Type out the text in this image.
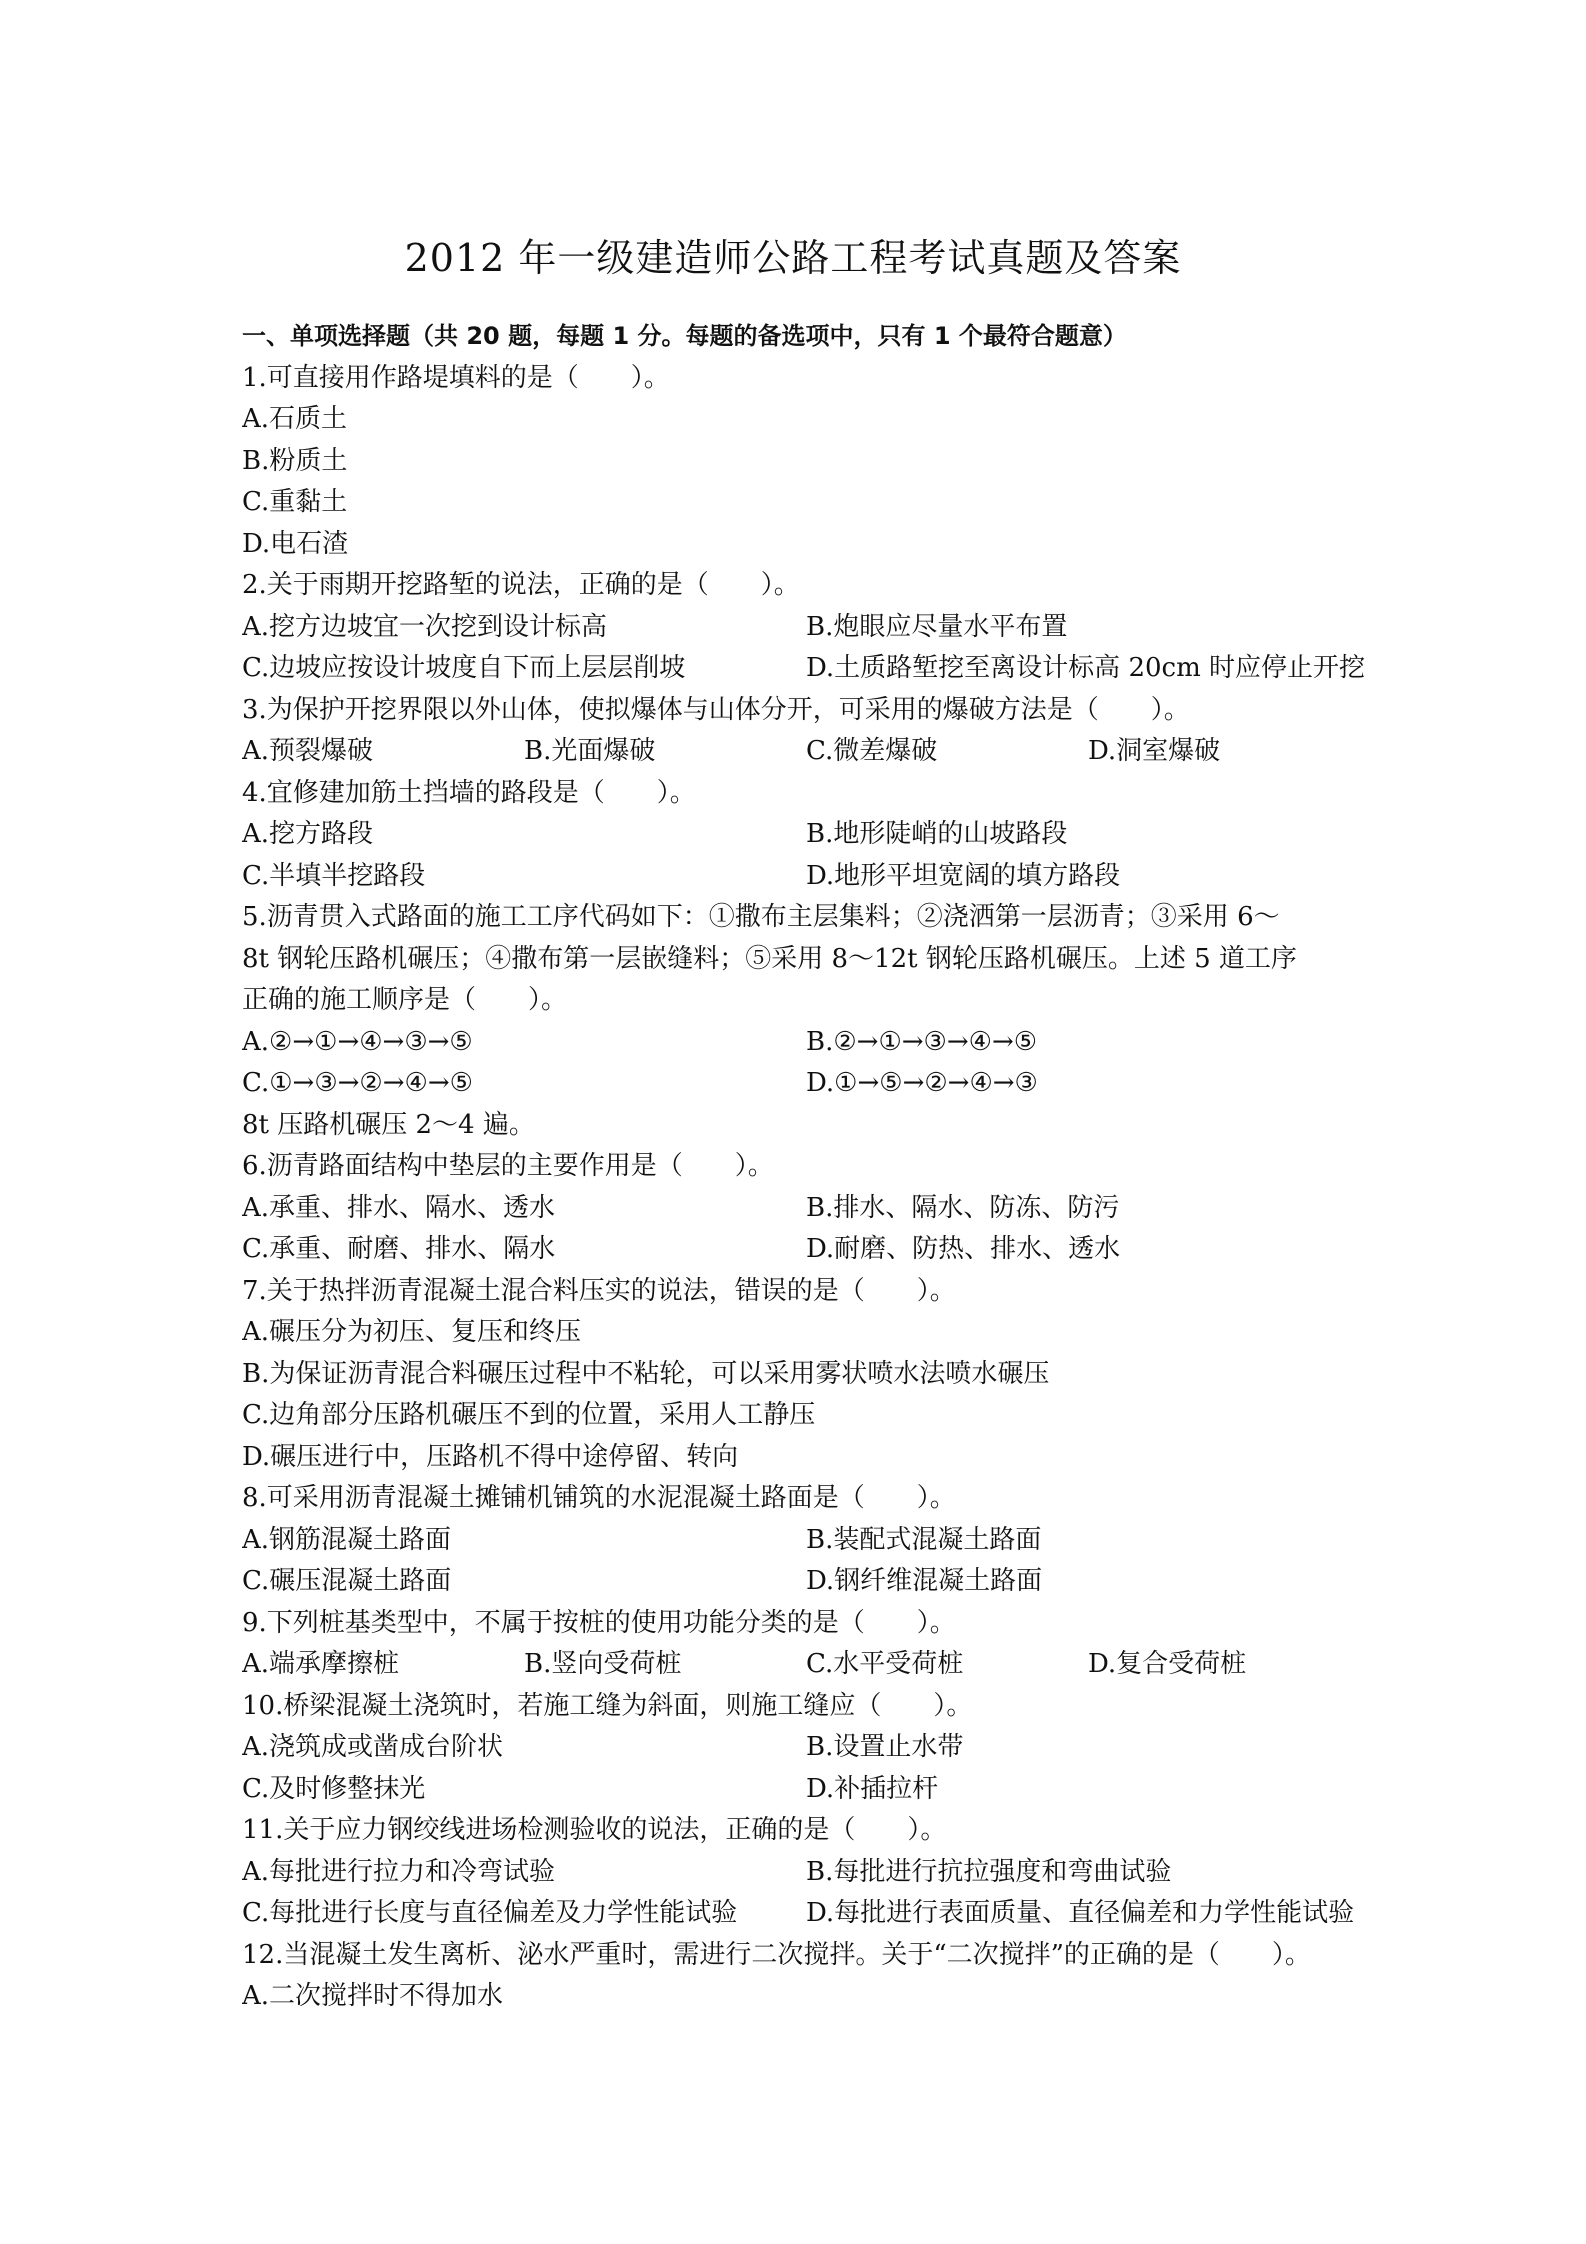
2012 年一级建造师公路工程考试真题及答案
一、单项选择题（共 20 题，每题 1 分。每题的备选项中，只有 1 个最符合题意）
1.可直接用作路堤填料的是（　　）。
A.石质土
B.粉质土
C.重黏土
D.电石渣
2.关于雨期开挖路堑的说法，正确的是（　　）。
A.挖方边坡宜一次挖到设计标高	B.炮眼应尽量水平布置
C.边坡应按设计坡度自下而上层层削坡	D.土质路堑挖至离设计标高 20cm 时应停止开挖
3.为保护开挖界限以外山体，使拟爆体与山体分开，可采用的爆破方法是（　　）。
A.预裂爆破	B.光面爆破	C.微差爆破	D.洞室爆破
4.宜修建加筋土挡墙的路段是（　　）。
A.挖方路段	B.地形陡峭的山坡路段
C.半填半挖路段	D.地形平坦宽阔的填方路段
5.沥青贯入式路面的施工工序代码如下：①撒布主层集料；②浇洒第一层沥青；③采用 6～
8t 钢轮压路机碾压；④撒布第一层嵌缝料；⑤采用 8～12t 钢轮压路机碾压。上述 5 道工序
正确的施工顺序是（　　）。
A.②→①→④→③→⑤	B.②→①→③→④→⑤
C.①→③→②→④→⑤	D.①→⑤→②→④→③
8t 压路机碾压 2～4 遍。
6.沥青路面结构中垫层的主要作用是（　　）。
A.承重、排水、隔水、透水	B.排水、隔水、防冻、防污
C.承重、耐磨、排水、隔水	D.耐磨、防热、排水、透水
7.关于热拌沥青混凝土混合料压实的说法，错误的是（　　）。
A.碾压分为初压、复压和终压
B.为保证沥青混合料碾压过程中不粘轮，可以采用雾状喷水法喷水碾压
C.边角部分压路机碾压不到的位置，采用人工静压
D.碾压进行中，压路机不得中途停留、转向
8.可采用沥青混凝土摊铺机铺筑的水泥混凝土路面是（　　）。
A.钢筋混凝土路面	B.装配式混凝土路面
C.碾压混凝土路面	D.钢纤维混凝土路面
9.下列桩基类型中，不属于按桩的使用功能分类的是（　　）。
A.端承摩擦桩	B.竖向受荷桩	C.水平受荷桩	D.复合受荷桩
10.桥梁混凝土浇筑时，若施工缝为斜面，则施工缝应（　　）。
A.浇筑成或凿成台阶状	B.设置止水带
C.及时修整抹光	D.补插拉杆
11.关于应力钢绞线进场检测验收的说法，正确的是（　　）。
A.每批进行拉力和冷弯试验	B.每批进行抗拉强度和弯曲试验
C.每批进行长度与直径偏差及力学性能试验	D.每批进行表面质量、直径偏差和力学性能试验
12.当混凝土发生离析、泌水严重时，需进行二次搅拌。关于“二次搅拌”的正确的是（　　）。
A.二次搅拌时不得加水
